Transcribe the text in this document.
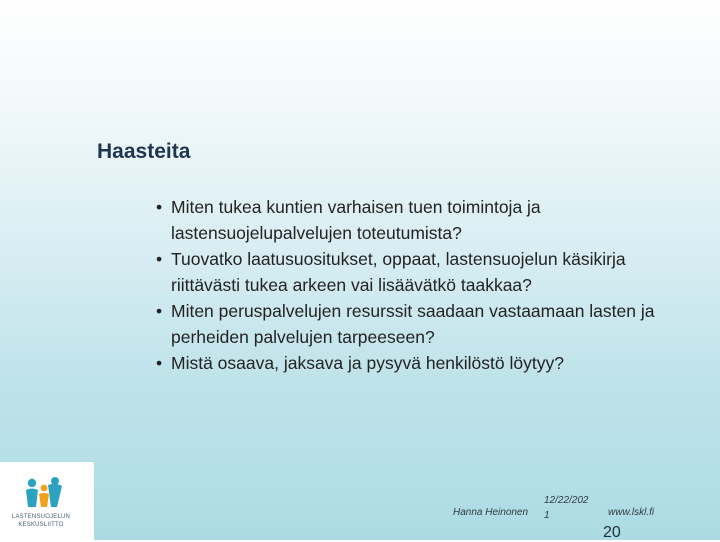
Haasteita
• Miten tukea kuntien varhaisen tuen toimintoja ja lastensuojelupalvelujen toteutumista?
• Tuovatko laatusuositukset, oppaat, lastensuojelun käsikirja riittävästi tukea arkeen vai lisäävätkö taakkaa?
• Miten peruspalvelujen resurssit saadaan vastaamaan lasten ja perheiden palvelujen tarpeeseen?
• Mistä osaava, jaksava ja pysyvä henkilöstö löytyy?
LASTENSUOJELUN
KESKUSLIITTO
Hanna Heinonen
12/22/202
1	www.lskl.fi
20
